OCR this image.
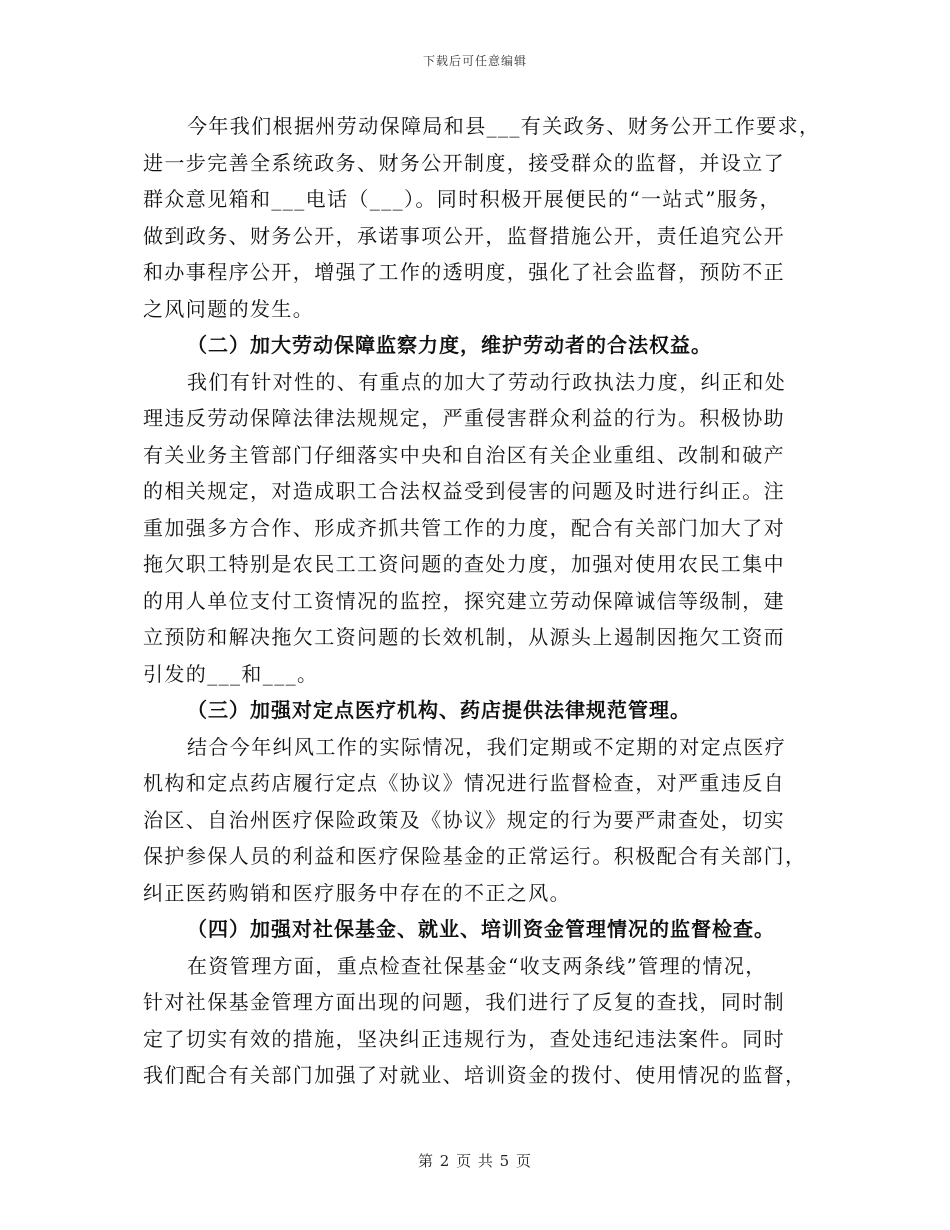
下载后可任意编辑
今年我们根据州劳动保障局和县___有关政务、财务公开工作要求，
进一步完善全系统政务、财务公开制度，接受群众的监督，并设立了
群众意见箱和___电话（___）。同时积极开展便民的“一站式”服务，
做到政务、财务公开，承诺事项公开，监督措施公开，责任追究公开
和办事程序公开，增强了工作的透明度，强化了社会监督，预防不正
之风问题的发生。
（二）加大劳动保障监察力度，维护劳动者的合法权益。
我们有针对性的、有重点的加大了劳动行政执法力度，纠正和处
理违反劳动保障法律法规规定，严重侵害群众利益的行为。积极协助
有关业务主管部门仔细落实中央和自治区有关企业重组、改制和破产
的相关规定，对造成职工合法权益受到侵害的问题及时进行纠正。注
重加强多方合作、形成齐抓共管工作的力度，配合有关部门加大了对
拖欠职工特别是农民工工资问题的查处力度，加强对使用农民工集中
的用人单位支付工资情况的监控，探究建立劳动保障诚信等级制，建
立预防和解决拖欠工资问题的长效机制，从源头上遏制因拖欠工资而
引发的___和___。
（三）加强对定点医疗机构、药店提供法律规范管理。
结合今年纠风工作的实际情况，我们定期或不定期的对定点医疗
机构和定点药店履行定点《协议》情况进行监督检查，对严重违反自
治区、自治州医疗保险政策及《协议》规定的行为要严肃查处，切实
保护参保人员的利益和医疗保险基金的正常运行。积极配合有关部门，
纠正医药购销和医疗服务中存在的不正之风。
（四）加强对社保基金、就业、培训资金管理情况的监督检查。
在资管理方面，重点检查社保基金“收支两条线”管理的情况，
针对社保基金管理方面出现的问题，我们进行了反复的查找，同时制
定了切实有效的措施，坚决纠正违规行为，查处违纪违法案件。同时
我们配合有关部门加强了对就业、培训资金的拨付、使用情况的监督，
第 2 页 共 5 页
